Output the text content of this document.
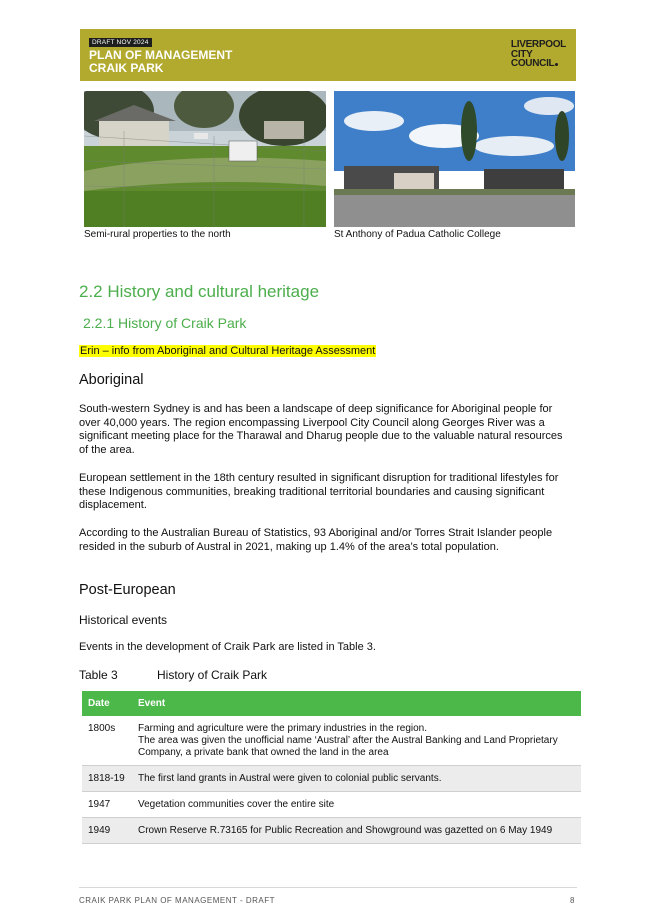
DRAFT NOV 2024
PLAN OF MANAGEMENT
CRAIK PARK
LIVERPOOL
CITY
COUNCIL
Semi-rural properties to the north	St Anthony of Padua Catholic College
2.2 History and cultural heritage
2.2.1 History of Craik Park
Erin – info from Aboriginal and Cultural Heritage Assessment
Aboriginal
South-western Sydney is and has been a landscape of deep significance for Aboriginal people for over 40,000 years. The region encompassing Liverpool City Council along Georges River was a significant meeting place for the Tharawal and Dharug people due to the valuable natural resources of the area.
European settlement in the 18th century resulted in significant disruption for traditional lifestyles for these Indigenous communities, breaking traditional territorial boundaries and causing significant displacement.
According to the Australian Bureau of Statistics, 93 Aboriginal and/or Torres Strait Islander people resided in the suburb of Austral in 2021, making up 1.4% of the area’s total population.
Post-European
Historical events
Events in the development of Craik Park are listed in Table 3.
Table 3	History of Craik Park
Date	Event
1800s	Farming and agriculture were the primary industries in the region.
The area was given the unofficial name ‘Austral’ after the Austral Banking and Land Proprietary Company, a private bank that owned the land in the area

1818-19	The first land grants in Austral were given to colonial public servants.

1947	Vegetation communities cover the entire site

1949	Crown Reserve R.73165 for Public Recreation and Showground was gazetted on 6 May 1949
CRAIK PARK PLAN OF MANAGEMENT - DRAFT	8
